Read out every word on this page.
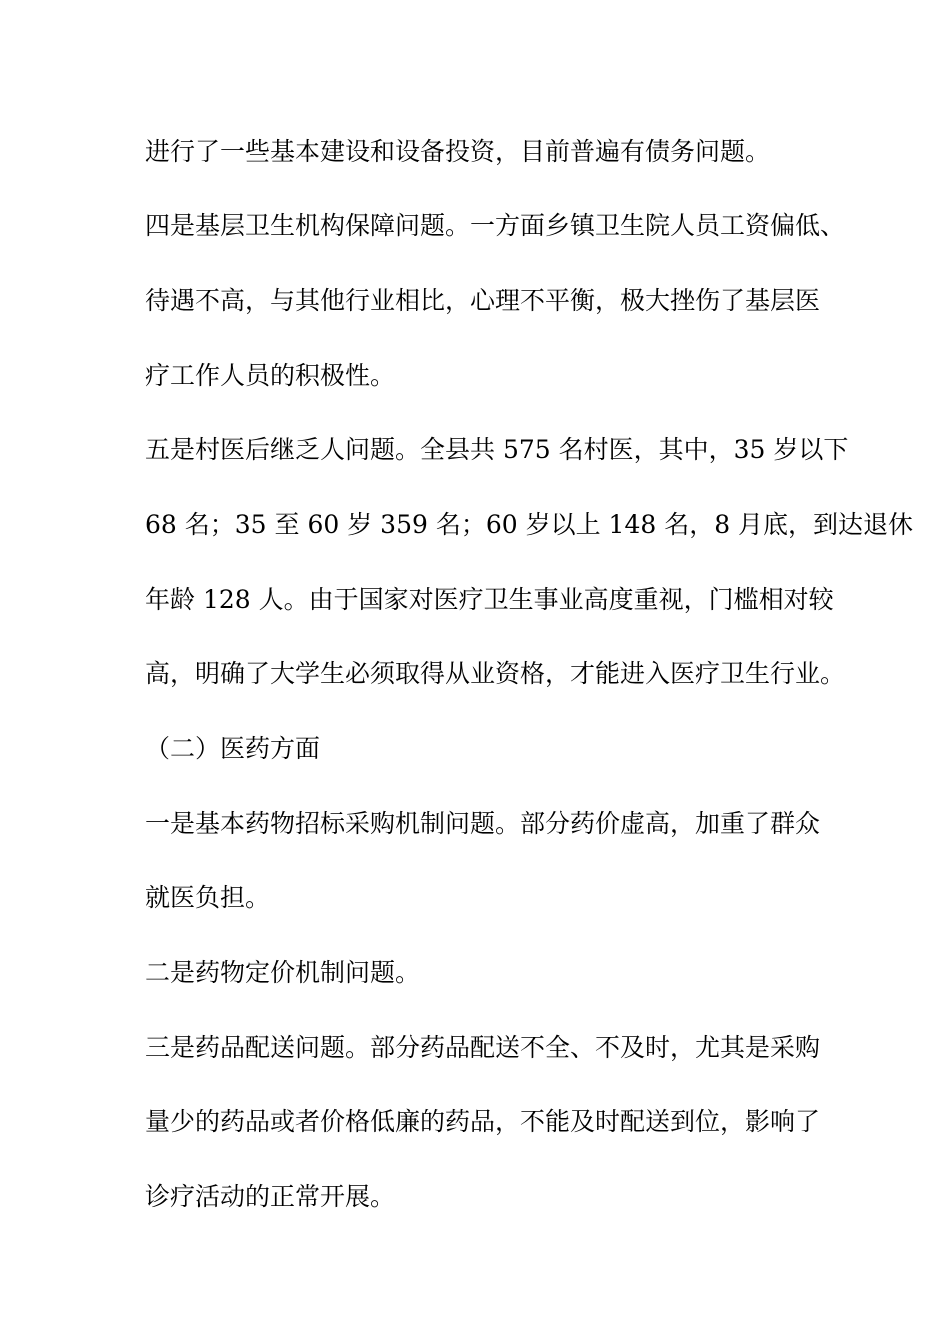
进行了一些基本建设和设备投资，目前普遍有债务问题。

四是基层卫生机构保障问题。一方面乡镇卫生院人员工资偏低、

待遇不高，与其他行业相比，心理不平衡，极大挫伤了基层医

疗工作人员的积极性。

五是村医后继乏人问题。全县共 575 名村医，其中，35 岁以下

68 名；35 至 60 岁 359 名；60 岁以上 148 名，8 月底，到达退休

年龄 128 人。由于国家对医疗卫生事业高度重视，门槛相对较

高，明确了大学生必须取得从业资格，才能进入医疗卫生行业。

（二）医药方面

一是基本药物招标采购机制问题。部分药价虚高，加重了群众

就医负担。

二是药物定价机制问题。

三是药品配送问题。部分药品配送不全、不及时，尤其是采购

量少的药品或者价格低廉的药品，不能及时配送到位，影响了

诊疗活动的正常开展。
